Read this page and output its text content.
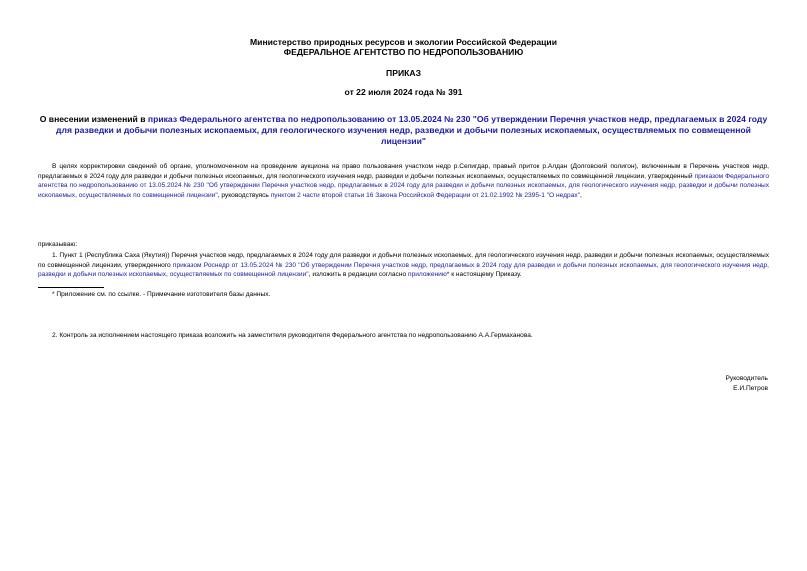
Министерство природных ресурсов и экологии Российской Федерации
ФЕДЕРАЛЬНОЕ АГЕНТСТВО ПО НЕДРОПОЛЬЗОВАНИЮ
ПРИКАЗ
от 22 июля 2024 года № 391
О внесении изменений в приказ Федерального агентства по недропользованию от 13.05.2024 № 230 "Об утверждении Перечня участков недр, предлагаемых в 2024 году для разведки и добычи полезных ископаемых, для геологического изучения недр, разведки и добычи полезных ископаемых, осуществляемых по совмещенной лицензии"

В целях корректировки сведений об органе, уполномоченном на проведение аукциона на право пользования участком недр р.Селигдар, правый приток р.Алдан (Долговский полигон), включенным в Перечень участков недр, предлагаемых в 2024 году для разведки и добычи полезных ископаемых, для геологического изучения недр, разведки и добычи полезных ископаемых, осуществляемых по совмещенной лицензии, утвержденный приказом Федерального агентства по недропользованию от 13.05.2024 № 230 "Об утверждении Перечня участков недр, предлагаемых в 2024 году для разведки и добычи полезных ископаемых, для геологического изучения недр, разведки и добычи полезных ископаемых, осуществляемых по совмещенной лицензии", руководствуясь пунктом 2 части второй статьи 16 Закона Российской Федерации от 21.02.1992 № 2395-1 "О недрах",

приказываю:

1. Пункт 1 (Республика Саха (Якутия)) Перечня участков недр, предлагаемых в 2024 году для разведки и добычи полезных ископаемых, для геологического изучения недр, разведки и добычи полезных ископаемых, осуществляемых по совмещенной лицензии, утвержденного приказом Роснедр от 13.05.2024 № 230 "Об утверждении Перечня участков недр, предлагаемых в 2024 году для разведки и добычи полезных ископаемых, для геологического изучения недр, разведки и добычи полезных ископаемых, осуществляемых по совмещенной лицензии", изложить в редакции согласно приложению* к настоящему Приказу.

* Приложение см. по ссылке. - Примечание изготовителя базы данных.

2. Контроль за исполнением настоящего приказа возложить на заместителя руководителя Федерального агентства по недропользованию А.А.Гермаханова.

Руководитель
Е.И.Петров
